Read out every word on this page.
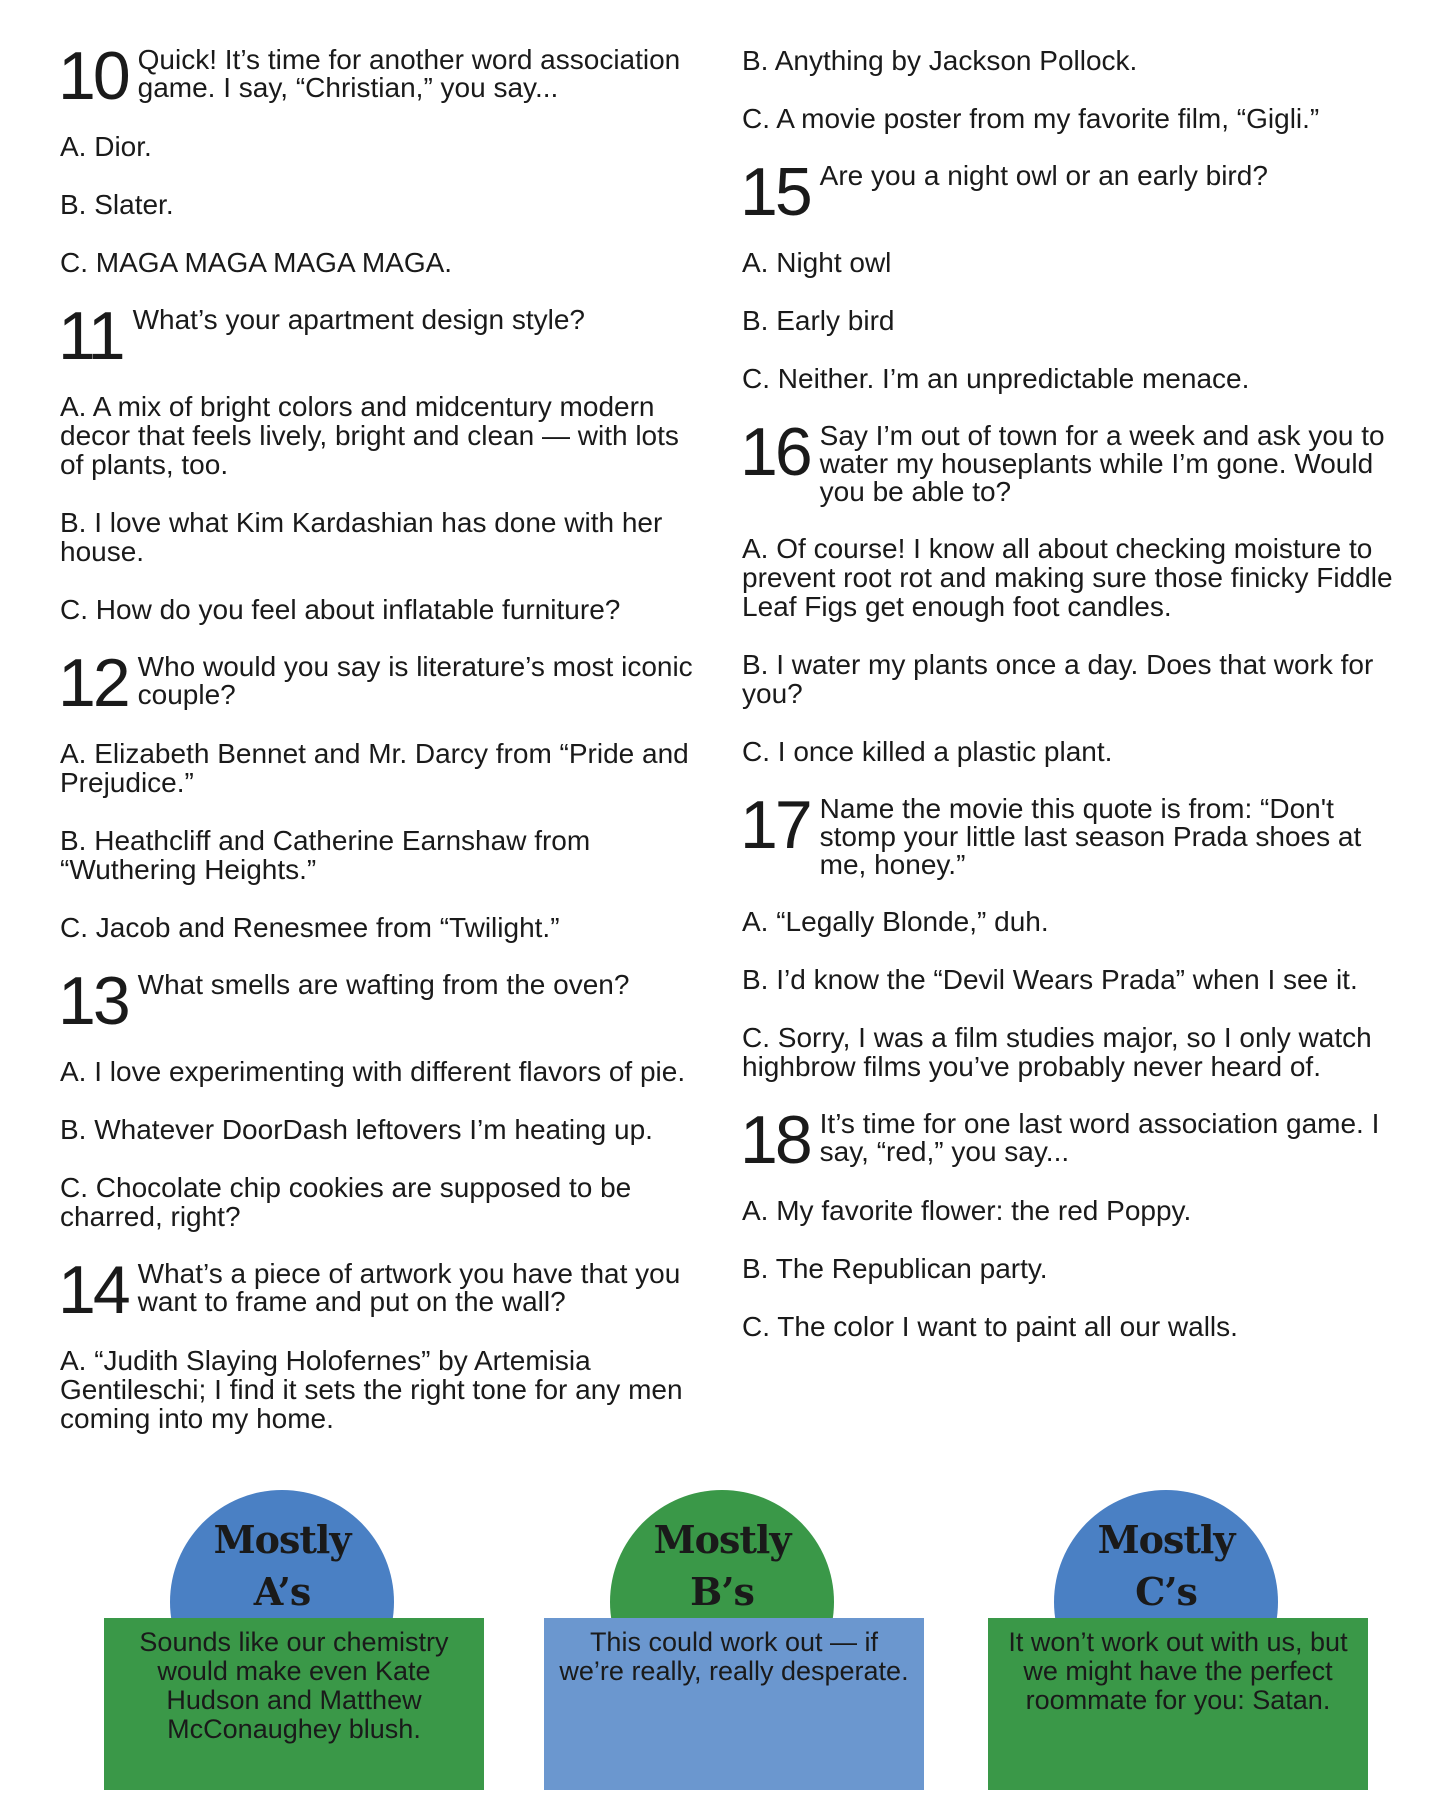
10 Quick! It’s time for another word association game. I say, “Christian,” you say...
A. Dior.
B. Slater.
C. MAGA MAGA MAGA MAGA.
11 What’s your apartment design style?
A. A mix of bright colors and midcentury modern decor that feels lively, bright and clean — with lots of plants, too.
B. I love what Kim Kardashian has done with her house.
C. How do you feel about inflatable furniture?
12 Who would you say is literature’s most iconic couple?
A. Elizabeth Bennet and Mr. Darcy from “Pride and Prejudice.”
B. Heathcliff and Catherine Earnshaw from “Wuthering Heights.”
C. Jacob and Renesmee from “Twilight.”
13 What smells are wafting from the oven?
A. I love experimenting with different flavors of pie.
B. Whatever DoorDash leftovers I’m heating up.
C. Chocolate chip cookies are supposed to be charred, right?
14 What’s a piece of artwork you have that you want to frame and put on the wall?
A. “Judith Slaying Holofernes” by Artemisia Gentileschi; I find it sets the right tone for any men coming into my home.
B. Anything by Jackson Pollock.
C. A movie poster from my favorite film, “Gigli.”
15 Are you a night owl or an early bird?
A. Night owl
B. Early bird
C. Neither. I’m an unpredictable menace.
16 Say I’m out of town for a week and ask you to water my houseplants while I’m gone. Would you be able to?
A. Of course! I know all about checking moisture to prevent root rot and making sure those finicky Fiddle Leaf Figs get enough foot candles.
B. I water my plants once a day. Does that work for you?
C. I once killed a plastic plant.
17 Name the movie this quote is from: “Don't stomp your little last season Prada shoes at me, honey.”
A. “Legally Blonde,” duh.
B. I’d know the “Devil Wears Prada” when I see it.
C. Sorry, I was a film studies major, so I only watch highbrow films you’ve probably never heard of.
18 It’s time for one last word association game. I say, “red,” you say...
A. My favorite flower: the red Poppy.
B. The Republican party.
C. The color I want to paint all our walls.
Mostly
A’s
Sounds like our chemistry would make even Kate Hudson and Matthew McConaughey blush.
Mostly
B’s
This could work out — if we’re really, really desperate.
Mostly
C’s
It won’t work out with us, but we might have the perfect roommate for you: Satan.
